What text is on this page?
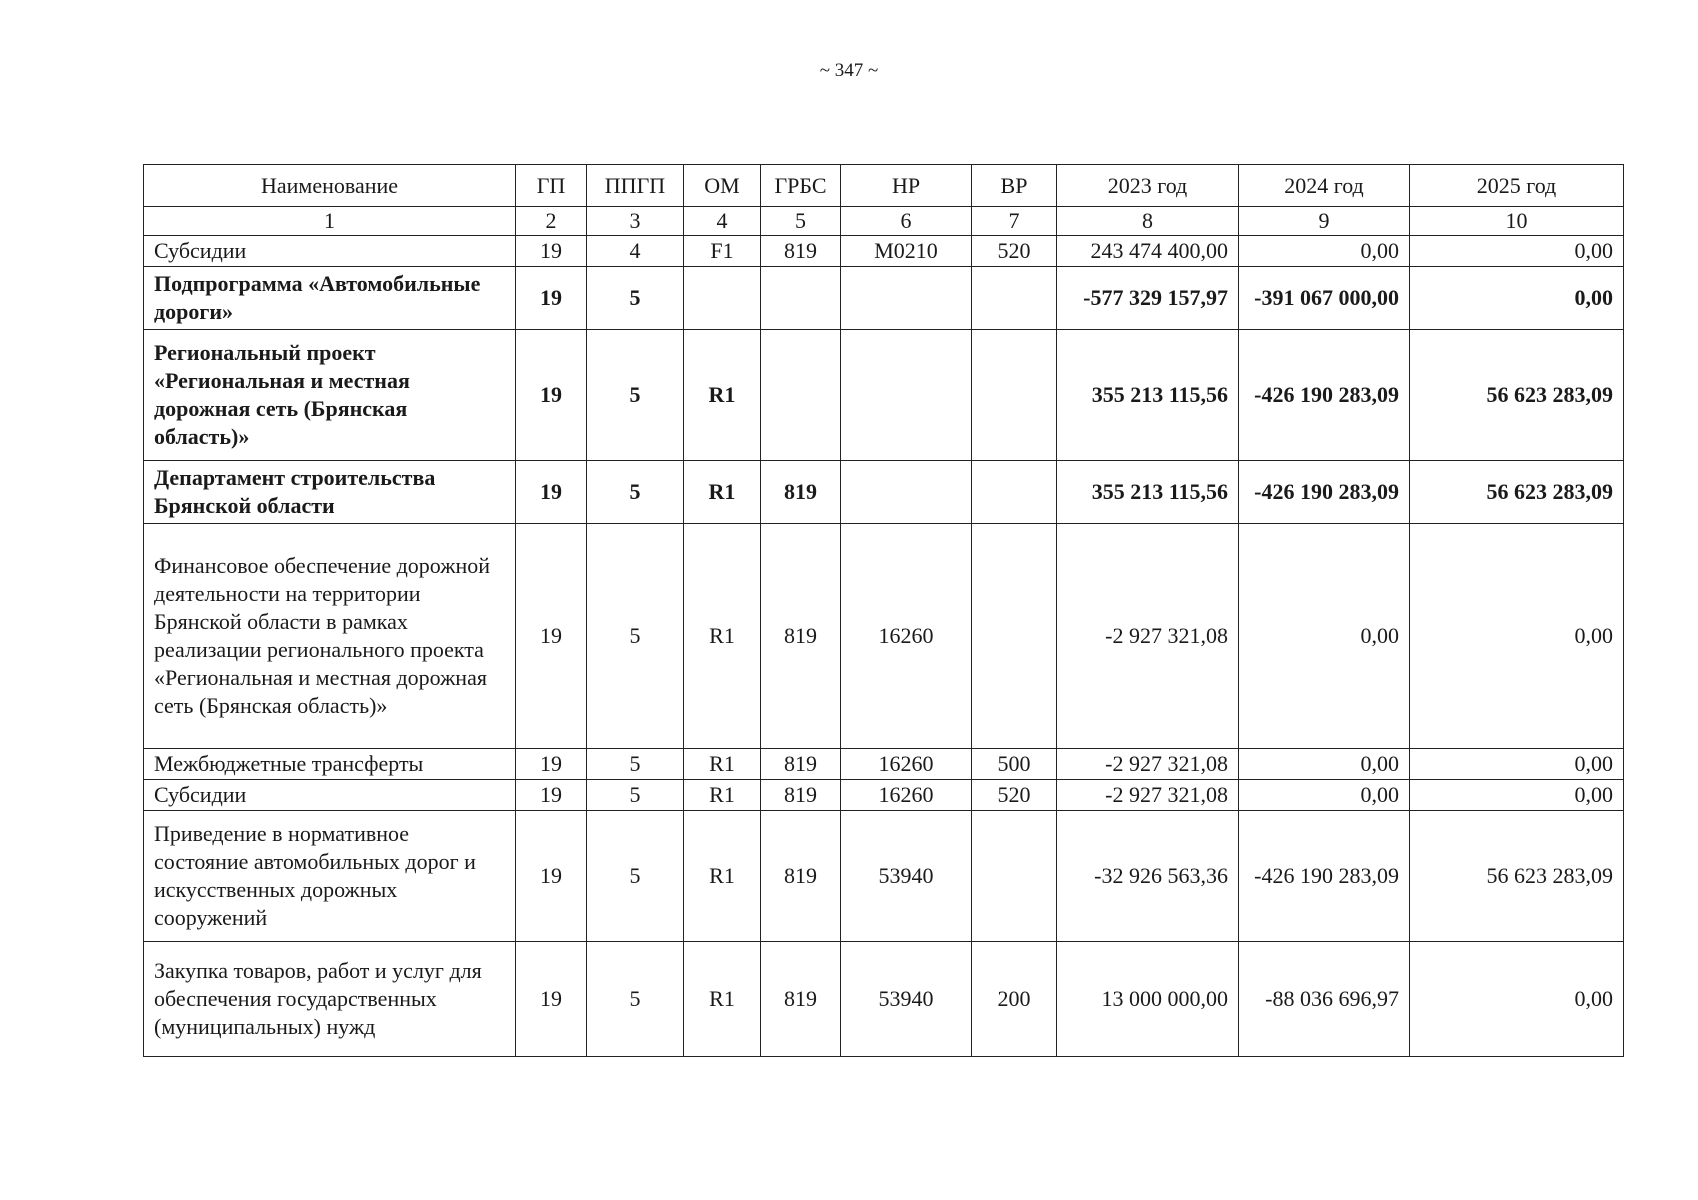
~ 347 ~
Наименование	ГП	ППГП	ОМ	ГРБС	НР	ВР	2023 год	2024 год	2025 год
1	2	3	4	5	6	7	8	9	10
Субсидии	19	4	F1	819	M0210	520	243 474 400,00	0,00	0,00
Подпрограмма «Автомобильные дороги»	19	5					-577 329 157,97	-391 067 000,00	0,00
Региональный проект «Региональная и местная дорожная сеть (Брянская область)»	19	5	R1				355 213 115,56	-426 190 283,09	56 623 283,09
Департамент строительства Брянской области	19	5	R1	819			355 213 115,56	-426 190 283,09	56 623 283,09
Финансовое обеспечение дорожной деятельности на территории Брянской области в рамках реализации регионального проекта «Региональная и местная дорожная сеть (Брянская область)»	19	5	R1	819	16260		-2 927 321,08	0,00	0,00
Межбюджетные трансферты	19	5	R1	819	16260	500	-2 927 321,08	0,00	0,00
Субсидии	19	5	R1	819	16260	520	-2 927 321,08	0,00	0,00
Приведение в нормативное состояние автомобильных дорог и искусственных дорожных сооружений	19	5	R1	819	53940		-32 926 563,36	-426 190 283,09	56 623 283,09
Закупка товаров, работ и услуг для обеспечения государственных (муниципальных) нужд	19	5	R1	819	53940	200	13 000 000,00	-88 036 696,97	0,00
